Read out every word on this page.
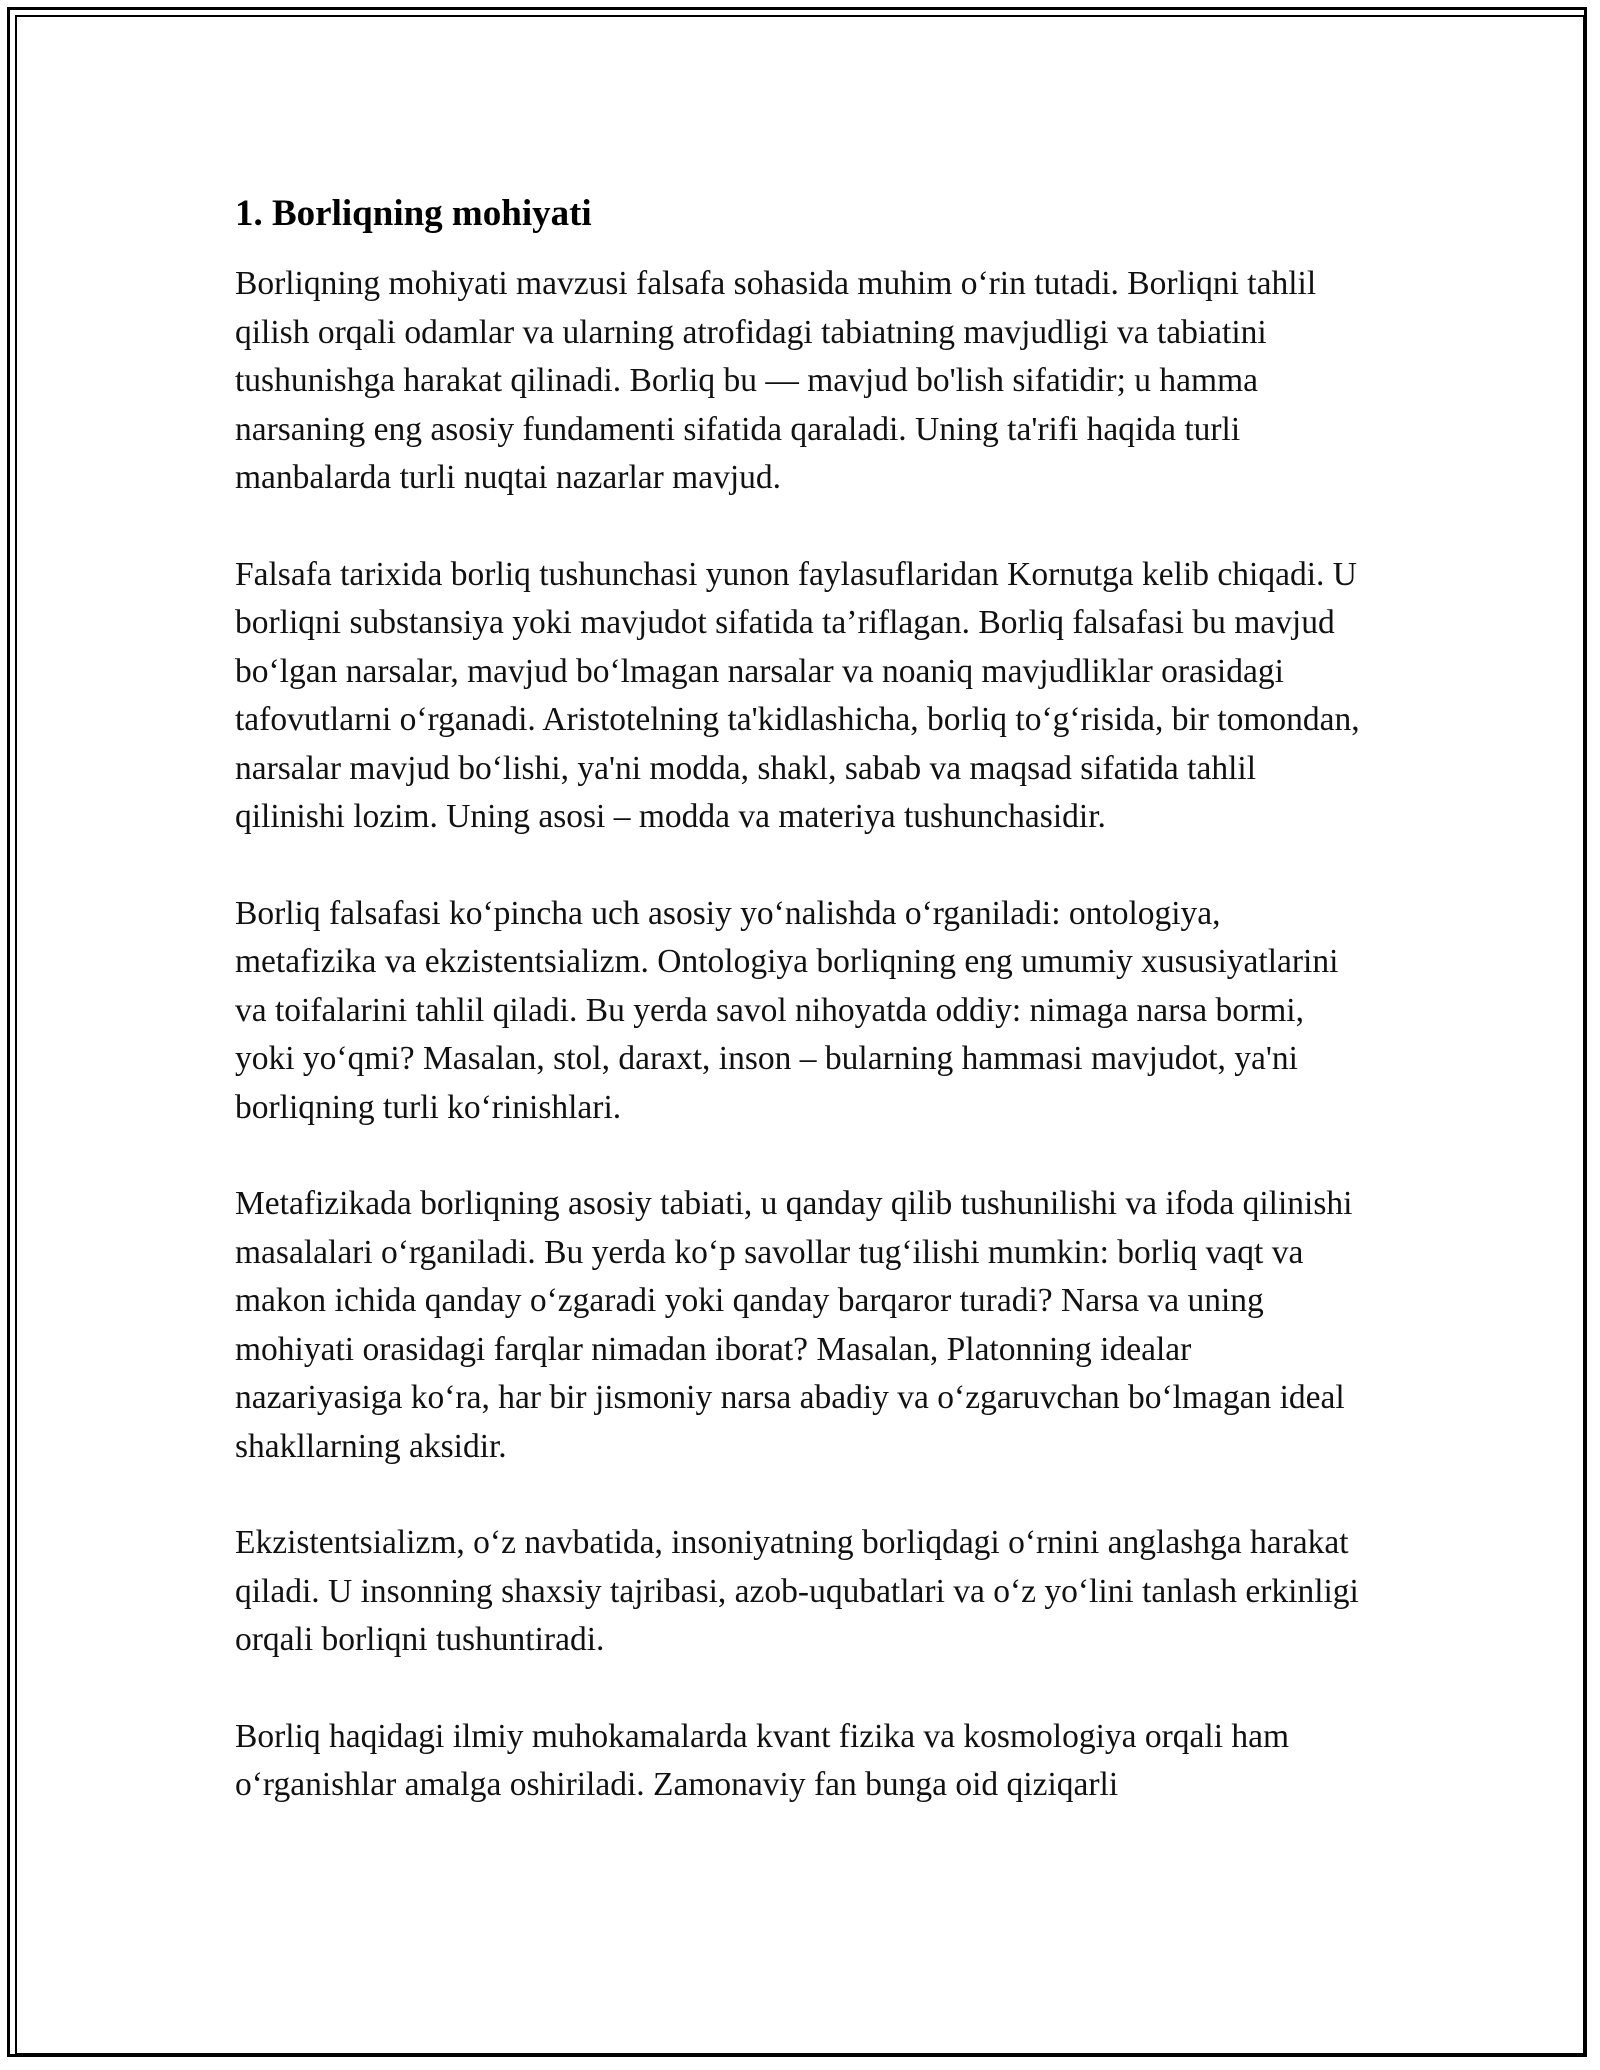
1. Borliqning mohiyati

Borliqning mohiyati mavzusi falsafa sohasida muhim o‘rin tutadi. Borliqni tahlil qilish orqali odamlar va ularning atrofidagi tabiatning mavjudligi va tabiatini tushunishga harakat qilinadi. Borliq bu — mavjud bo'lish sifatidir; u hamma narsaning eng asosiy fundamenti sifatida qaraladi. Uning ta'rifi haqida turli manbalarda turli nuqtai nazarlar mavjud.

Falsafa tarixida borliq tushunchasi yunon faylasuflaridan Kornutga kelib chiqadi. U borliqni substansiya yoki mavjudot sifatida ta’riflagan. Borliq falsafasi bu mavjud bo‘lgan narsalar, mavjud bo‘lmagan narsalar va noaniq mavjudliklar orasidagi tafovutlarni o‘rganadi. Aristotelning ta'kidlashicha, borliq to‘g‘risida, bir tomondan, narsalar mavjud bo‘lishi, ya'ni modda, shakl, sabab va maqsad sifatida tahlil qilinishi lozim. Uning asosi – modda va materiya tushunchasidir.

Borliq falsafasi ko‘pincha uch asosiy yo‘nalishda o‘rganiladi: ontologiya, metafizika va ekzistentsializm. Ontologiya borliqning eng umumiy xususiyatlarini va toifalarini tahlil qiladi. Bu yerda savol nihoyatda oddiy: nimaga narsa bormi, yoki yo‘qmi? Masalan, stol, daraxt, inson – bularning hammasi mavjudot, ya'ni borliqning turli ko‘rinishlari.

Metafizikada borliqning asosiy tabiati, u qanday qilib tushunilishi va ifoda qilinishi masalalari o‘rganiladi. Bu yerda ko‘p savollar tug‘ilishi mumkin: borliq vaqt va makon ichida qanday o‘zgaradi yoki qanday barqaror turadi? Narsa va uning mohiyati orasidagi farqlar nimadan iborat? Masalan, Platonning idealar nazariyasiga ko‘ra, har bir jismoniy narsa abadiy va o‘zgaruvchan bo‘lmagan ideal shakllarning aksidir.

Ekzistentsializm, o‘z navbatida, insoniyatning borliqdagi o‘rnini anglashga harakat qiladi. U insonning shaxsiy tajribasi, azob-uqubatlari va o‘z yo‘lini tanlash erkinligi orqali borliqni tushuntiradi.

Borliq haqidagi ilmiy muhokamalarda kvant fizika va kosmologiya orqali ham o‘rganishlar amalga oshiriladi. Zamonaviy fan bunga oid qiziqarli
